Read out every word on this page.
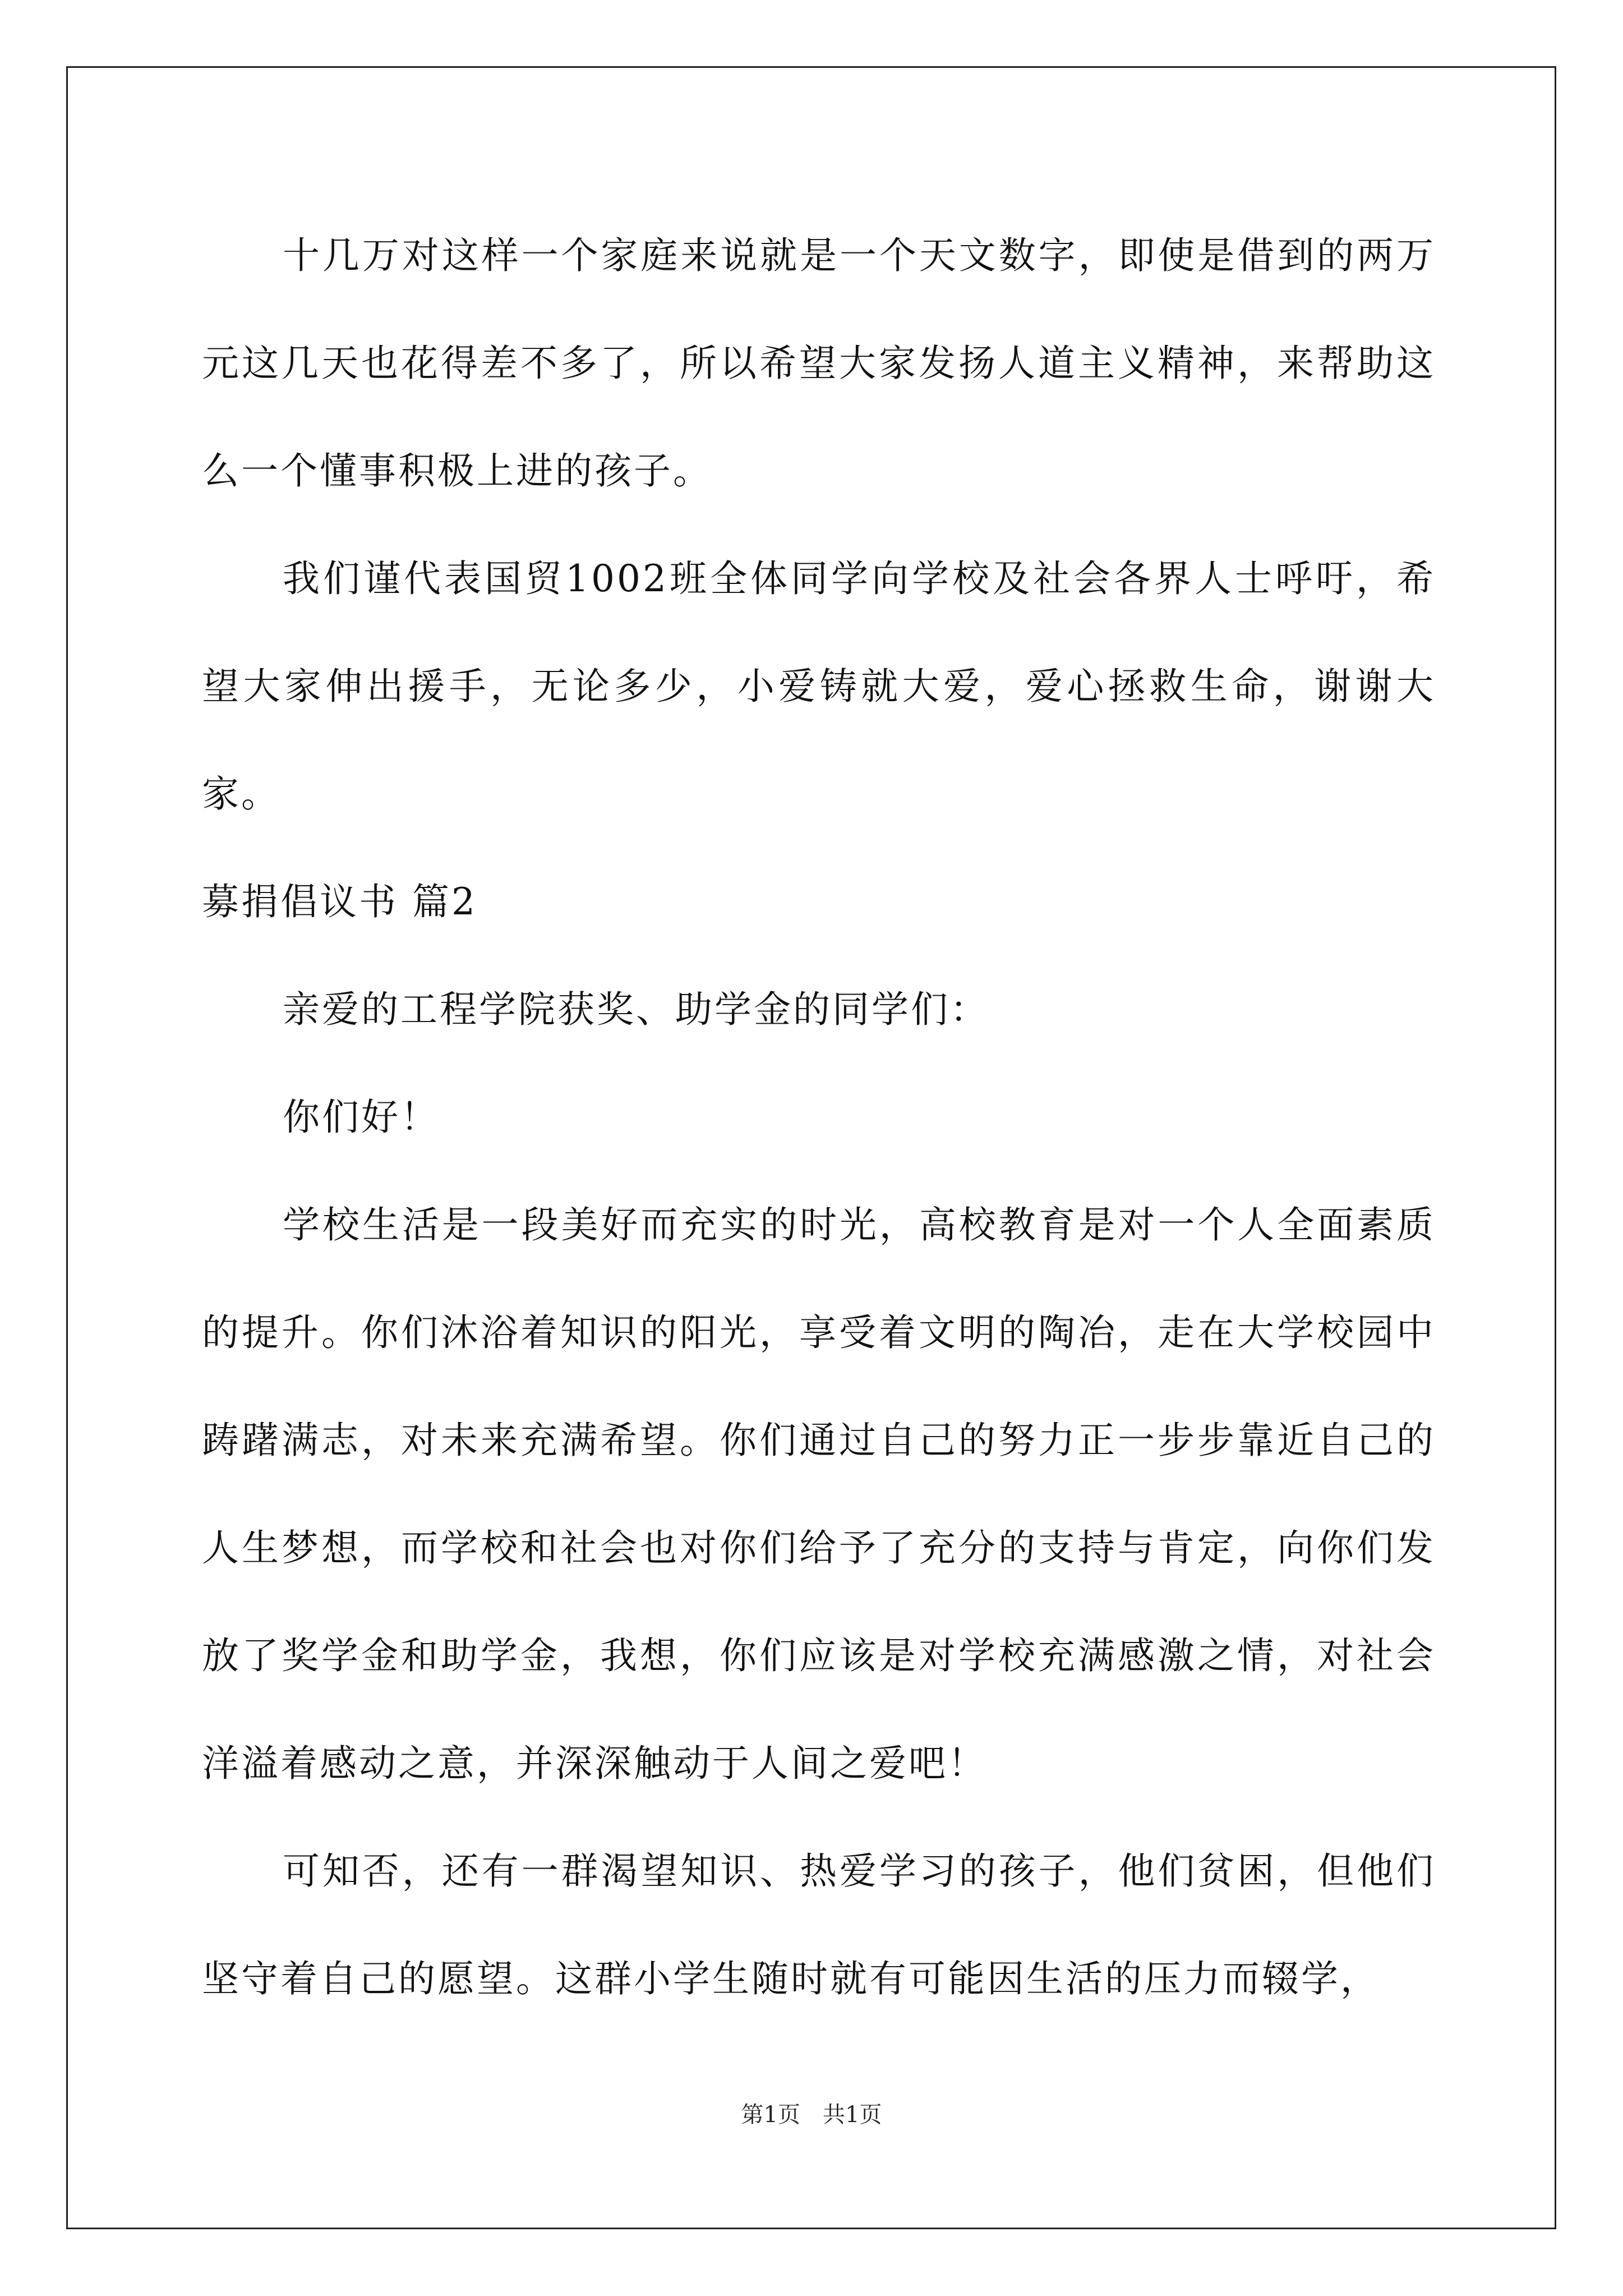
十几万对这样一个家庭来说就是一个天文数字，即使是借到的两万元这几天也花得差不多了，所以希望大家发扬人道主义精神，来帮助这么一个懂事积极上进的孩子。

我们谨代表国贸1002班全体同学向学校及社会各界人士呼吁，希望大家伸出援手，无论多少，小爱铸就大爱，爱心拯救生命，谢谢大家。

募捐倡议书 篇2

亲爱的工程学院获奖、助学金的同学们：

你们好！

学校生活是一段美好而充实的时光，高校教育是对一个人全面素质的提升。你们沐浴着知识的阳光，享受着文明的陶冶，走在大学校园中踌躇满志，对未来充满希望。你们通过自己的努力正一步步靠近自己的人生梦想，而学校和社会也对你们给予了充分的支持与肯定，向你们发放了奖学金和助学金，我想，你们应该是对学校充满感激之情，对社会洋溢着感动之意，并深深触动于人间之爱吧！

可知否，还有一群渴望知识、热爱学习的孩子，他们贫困，但他们坚守着自己的愿望。这群小学生随时就有可能因生活的压力而辍学，

第1页　共1页
